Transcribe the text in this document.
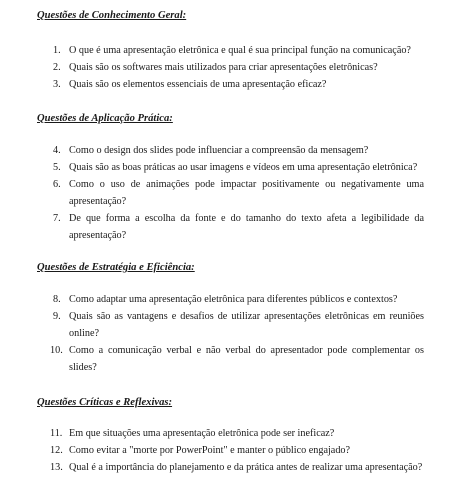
Questões de Conhecimento Geral:
1. O que é uma apresentação eletrônica e qual é sua principal função na comunicação?
2. Quais são os softwares mais utilizados para criar apresentações eletrônicas?
3. Quais são os elementos essenciais de uma apresentação eficaz?
Questões de Aplicação Prática:
4. Como o design dos slides pode influenciar a compreensão da mensagem?
5. Quais são as boas práticas ao usar imagens e vídeos em uma apresentação eletrônica?
6. Como o uso de animações pode impactar positivamente ou negativamente uma apresentação?
7. De que forma a escolha da fonte e do tamanho do texto afeta a legibilidade da apresentação?
Questões de Estratégia e Eficiência:
8. Como adaptar uma apresentação eletrônica para diferentes públicos e contextos?
9. Quais são as vantagens e desafios de utilizar apresentações eletrônicas em reuniões online?
10. Como a comunicação verbal e não verbal do apresentador pode complementar os slides?
Questões Críticas e Reflexivas:
11. Em que situações uma apresentação eletrônica pode ser ineficaz?
12. Como evitar a "morte por PowerPoint" e manter o público engajado?
13. Qual é a importância do planejamento e da prática antes de realizar uma apresentação?
